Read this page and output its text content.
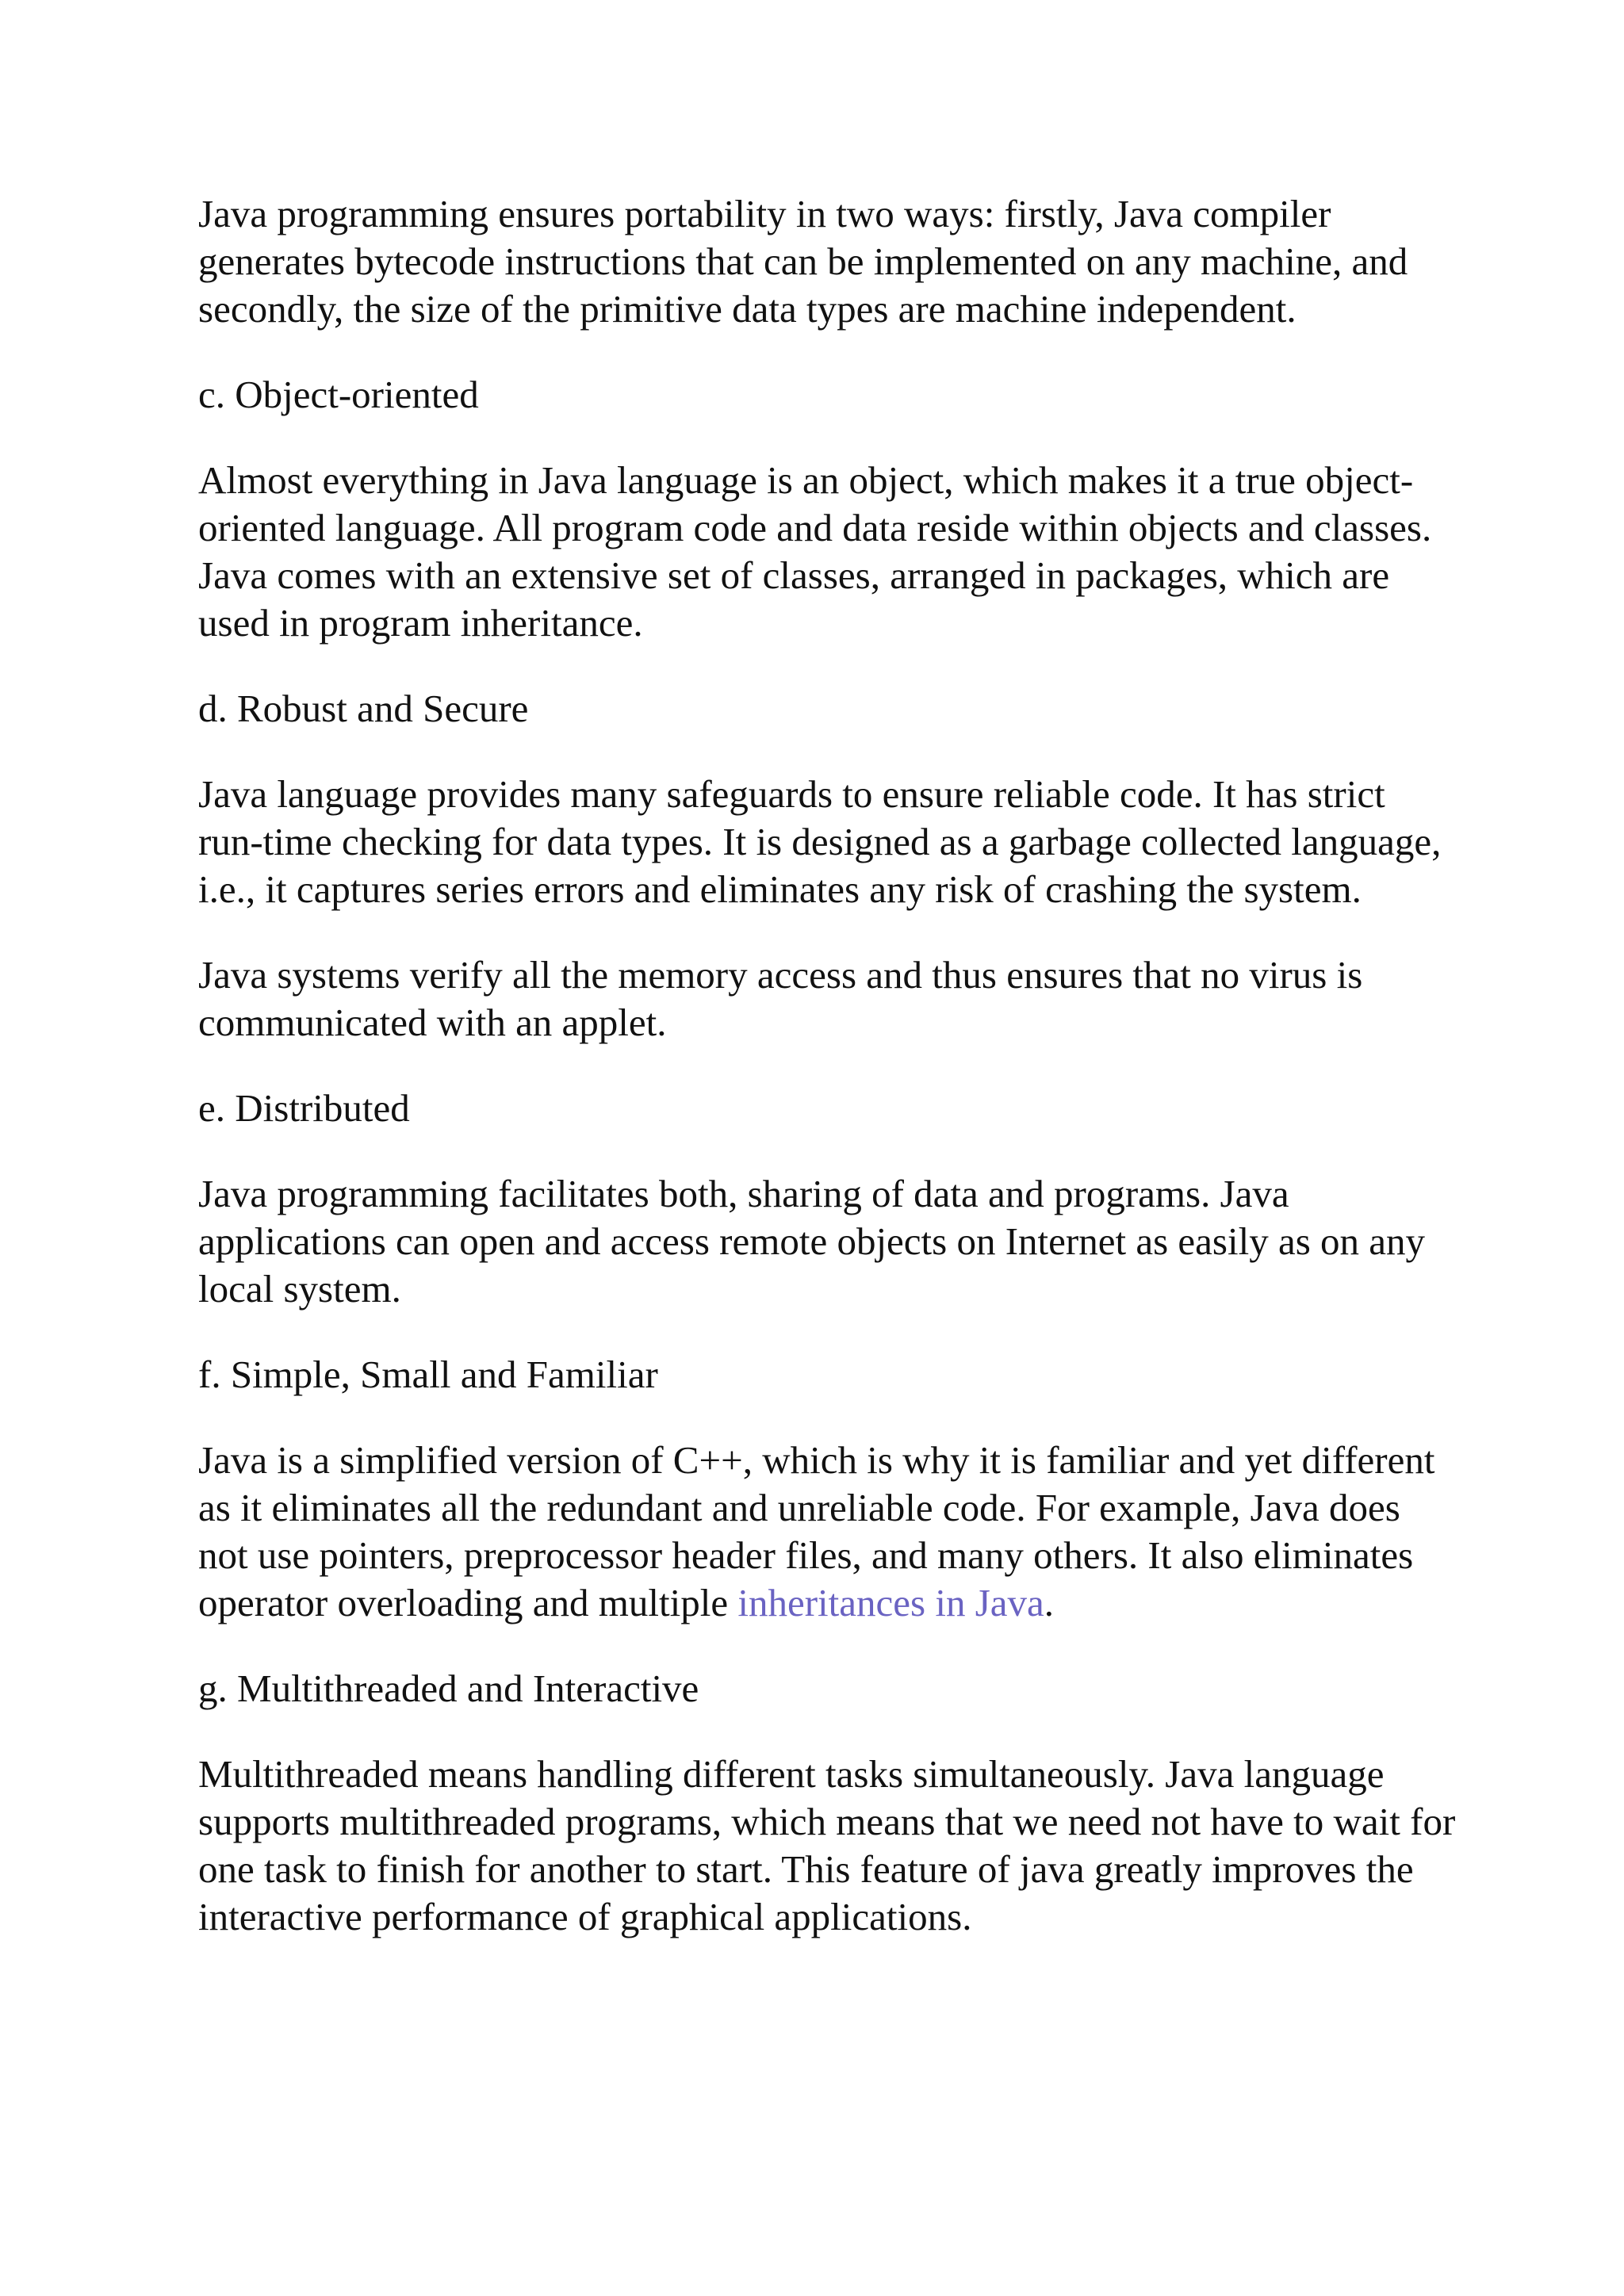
Java programming ensures portability in two ways: firstly, Java compiler generates bytecode instructions that can be implemented on any machine, and secondly, the size of the primitive data types are machine independent.

c. Object-oriented

Almost everything in Java language is an object, which makes it a true object-oriented language. All program code and data reside within objects and classes. Java comes with an extensive set of classes, arranged in packages, which are used in program inheritance.

d. Robust and Secure

Java language provides many safeguards to ensure reliable code. It has strict run-time checking for data types. It is designed as a garbage collected language, i.e., it captures series errors and eliminates any risk of crashing the system.

Java systems verify all the memory access and thus ensures that no virus is communicated with an applet.

e. Distributed

Java programming facilitates both, sharing of data and programs. Java applications can open and access remote objects on Internet as easily as on any local system.

f. Simple, Small and Familiar

Java is a simplified version of C++, which is why it is familiar and yet different as it eliminates all the redundant and unreliable code. For example, Java does not use pointers, preprocessor header files, and many others. It also eliminates operator overloading and multiple inheritances in Java.

g. Multithreaded and Interactive

Multithreaded means handling different tasks simultaneously. Java language supports multithreaded programs, which means that we need not have to wait for one task to finish for another to start. This feature of java greatly improves the interactive performance of graphical applications.
